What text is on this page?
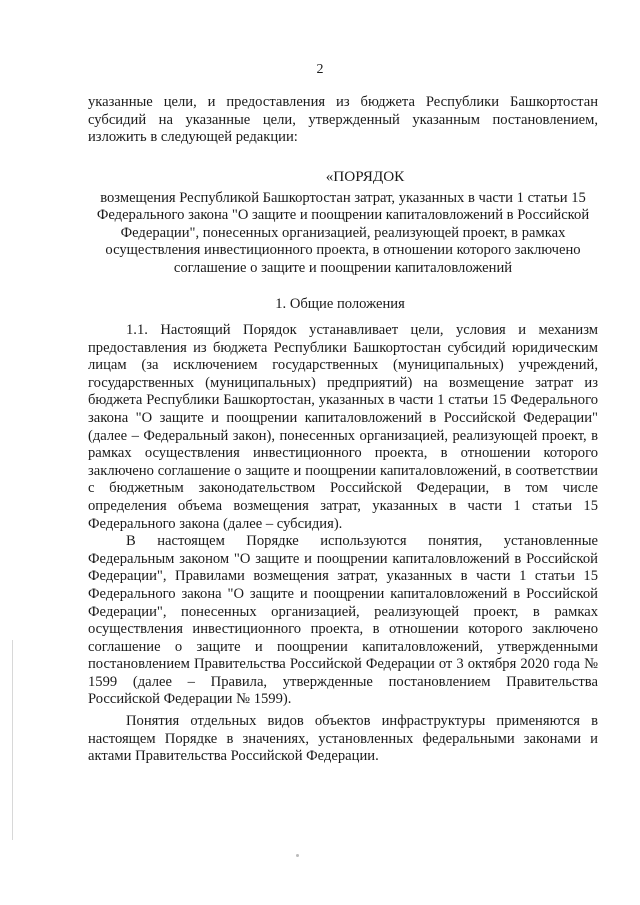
2
указанные цели, и предоставления из бюджета Республики Башкортостан субсидий на указанные цели, утвержденный указанным постановлением, изложить в следующей редакции:

«ПОРЯДОК

возмещения Республикой Башкортостан затрат, указанных в части 1 статьи 15 Федерального закона "О защите и поощрении капиталовложений в Российской Федерации", понесенных организацией, реализующей проект, в рамках осуществления инвестиционного проекта, в отношении которого заключено соглашение о защите и поощрении капиталовложений

1. Общие положения

1.1. Настоящий Порядок устанавливает цели, условия и механизм предоставления из бюджета Республики Башкортостан субсидий юридическим лицам (за исключением государственных (муниципальных) учреждений, государственных (муниципальных) предприятий) на возмещение затрат из бюджета Республики Башкортостан, указанных в части 1 статьи 15 Федерального закона "О защите и поощрении капиталовложений в Российской Федерации" (далее – Федеральный закон), понесенных организацией, реализующей проект, в рамках осуществления инвестиционного проекта, в отношении которого заключено соглашение о защите и поощрении капиталовложений, в соответствии с бюджетным законодательством Российской Федерации, в том числе определения объема возмещения затрат, указанных в части 1 статьи 15 Федерального закона (далее – субсидия).

В настоящем Порядке используются понятия, установленные Федеральным законом "О защите и поощрении капиталовложений в Российской Федерации", Правилами возмещения затрат, указанных в части 1 статьи 15 Федерального закона "О защите и поощрении капиталовложений в Российской Федерации", понесенных организацией, реализующей проект, в рамках осуществления инвестиционного проекта, в отношении которого заключено соглашение о защите и поощрении капиталовложений, утвержденными постановлением Правительства Российской Федерации от 3 октября 2020 года № 1599 (далее – Правила, утвержденные постановлением Правительства Российской Федерации № 1599).

Понятия отдельных видов объектов инфраструктуры применяются в настоящем Порядке в значениях, установленных федеральными законами и актами Правительства Российской Федерации.
